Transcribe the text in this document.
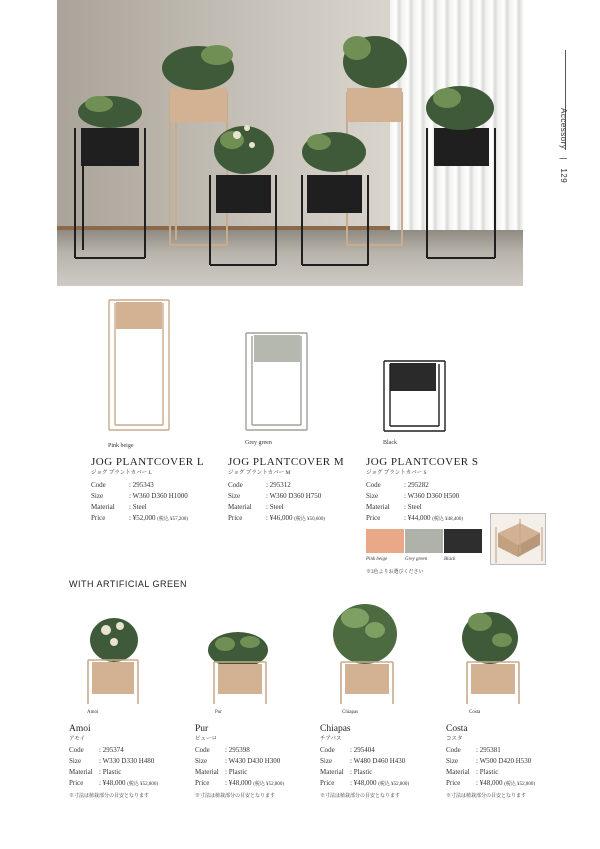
Accessory   |   129
Pink beige	Grey green	Black
JOG PLANTCOVER L
ジョグ プラントカバー L
Code	: 295343
Size	: W360 D360 H1000
Material : Steel
Price	: ¥52,000 (税込 ¥57,200)
JOG PLANTCOVER M
ジョグ プラントカバー M
Code	: 295312
Size	: W360 D360 H750
Material : Steel
Price	: ¥46,000 (税込 ¥50,600)
JOG PLANTCOVER S
ジョグ プラントカバー S
Code	: 295282
Size	: W360 D360 H500
Material : Steel
Price	: ¥44,000 (税込 ¥48,400)
Pink beige	Grey green	Black
※3色よりお選びください
WITH ARTIFICIAL GREEN
Amoi	Pur	Chiapas	Costa
Amoi
アモイ
Code : 295374
Size	: W330 D330 H480
Material : Plastic
Price : ¥48,000 (税込 ¥52,800)
※寸法は植栽部分の目安となります
Pur
ピューロ
Code : 295398
Size	: W430 D430 H300
Material : Plastic
Price : ¥48,000 (税込 ¥52,800)
※寸法は植栽部分の目安となります
Chiapas
チアパス
Code : 295404
Size	: W480 D460 H430
Material : Plastic
Price : ¥48,000 (税込 ¥52,800)
※寸法は植栽部分の目安となります
Costa
コスタ
Code : 295381
Size	: W500 D420 H530
Material : Plastic
Price : ¥48,000 (税込 ¥52,800)
※寸法は植栽部分の目安となります
